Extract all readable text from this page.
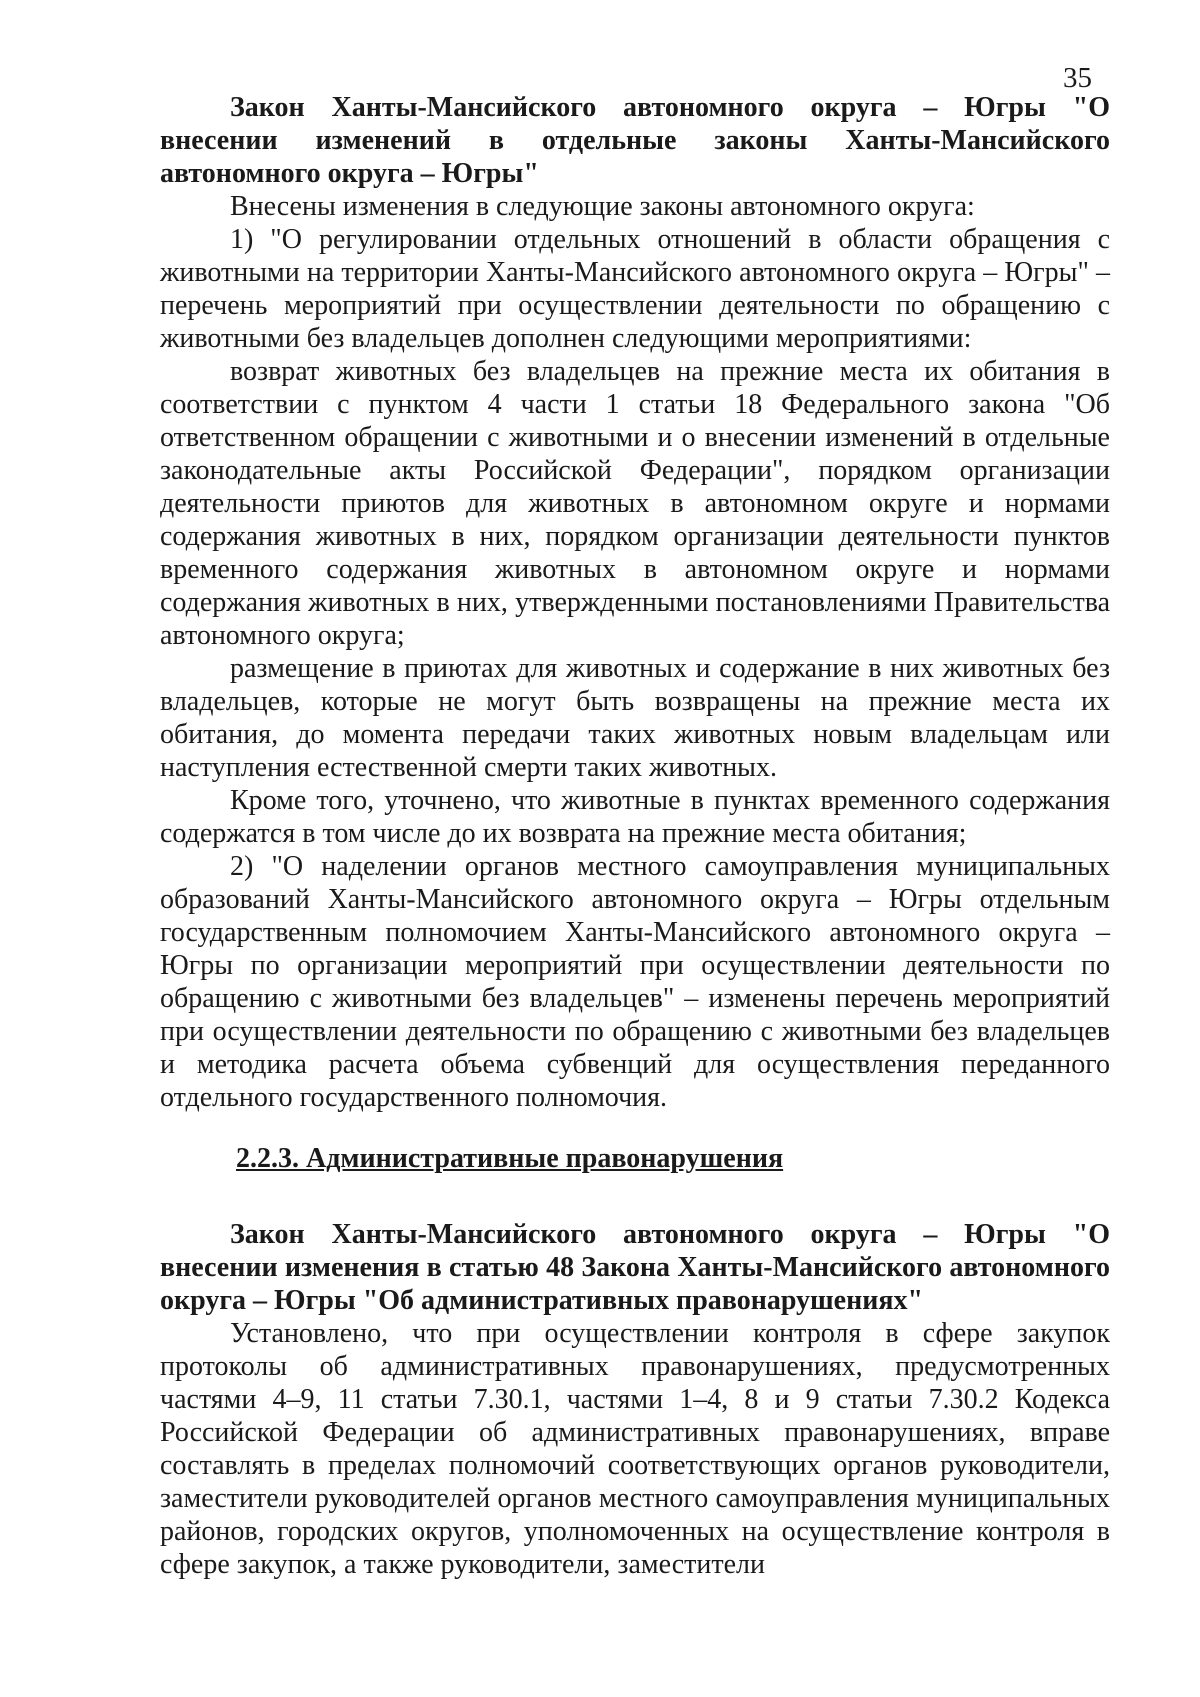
35

Закон Ханты-Мансийского автономного округа – Югры "О внесении изменений в отдельные законы Ханты-Мансийского автономного округа – Югры"

Внесены изменения в следующие законы автономного округа:

1) "О регулировании отдельных отношений в области обращения с животными на территории Ханты-Мансийского автономного округа – Югры" – перечень мероприятий при осуществлении деятельности по обращению с животными без владельцев дополнен следующими мероприятиями:

возврат животных без владельцев на прежние места их обитания в соответствии с пунктом 4 части 1 статьи 18 Федерального закона "Об ответственном обращении с животными и о внесении изменений в отдельные законодательные акты Российской Федерации", порядком организации деятельности приютов для животных в автономном округе и нормами содержания животных в них, порядком организации деятельности пунктов временного содержания животных в автономном округе и нормами содержания животных в них, утвержденными постановлениями Правительства автономного округа;

размещение в приютах для животных и содержание в них животных без владельцев, которые не могут быть возвращены на прежние места их обитания, до момента передачи таких животных новым владельцам или наступления естественной смерти таких животных.

Кроме того, уточнено, что животные в пунктах временного содержания содержатся в том числе до их возврата на прежние места обитания;

2) "О наделении органов местного самоуправления муниципальных образований Ханты-Мансийского автономного округа – Югры отдельным государственным полномочием Ханты-Мансийского автономного округа – Югры по организации мероприятий при осуществлении деятельности по обращению с животными без владельцев" – изменены перечень мероприятий при осуществлении деятельности по обращению с животными без владельцев и методика расчета объема субвенций для осуществления переданного отдельного государственного полномочия.

2.2.3. Административные правонарушения

Закон Ханты-Мансийского автономного округа – Югры "О внесении изменения в статью 48 Закона Ханты-Мансийского автономного округа – Югры "Об административных правонарушениях"

Установлено, что при осуществлении контроля в сфере закупок протоколы об административных правонарушениях, предусмотренных частями 4–9, 11 статьи 7.30.1, частями 1–4, 8 и 9 статьи 7.30.2 Кодекса Российской Федерации об административных правонарушениях, вправе составлять в пределах полномочий соответствующих органов руководители, заместители руководителей органов местного самоуправления муниципальных районов, городских округов, уполномоченных на осуществление контроля в сфере закупок, а также руководители, заместители
